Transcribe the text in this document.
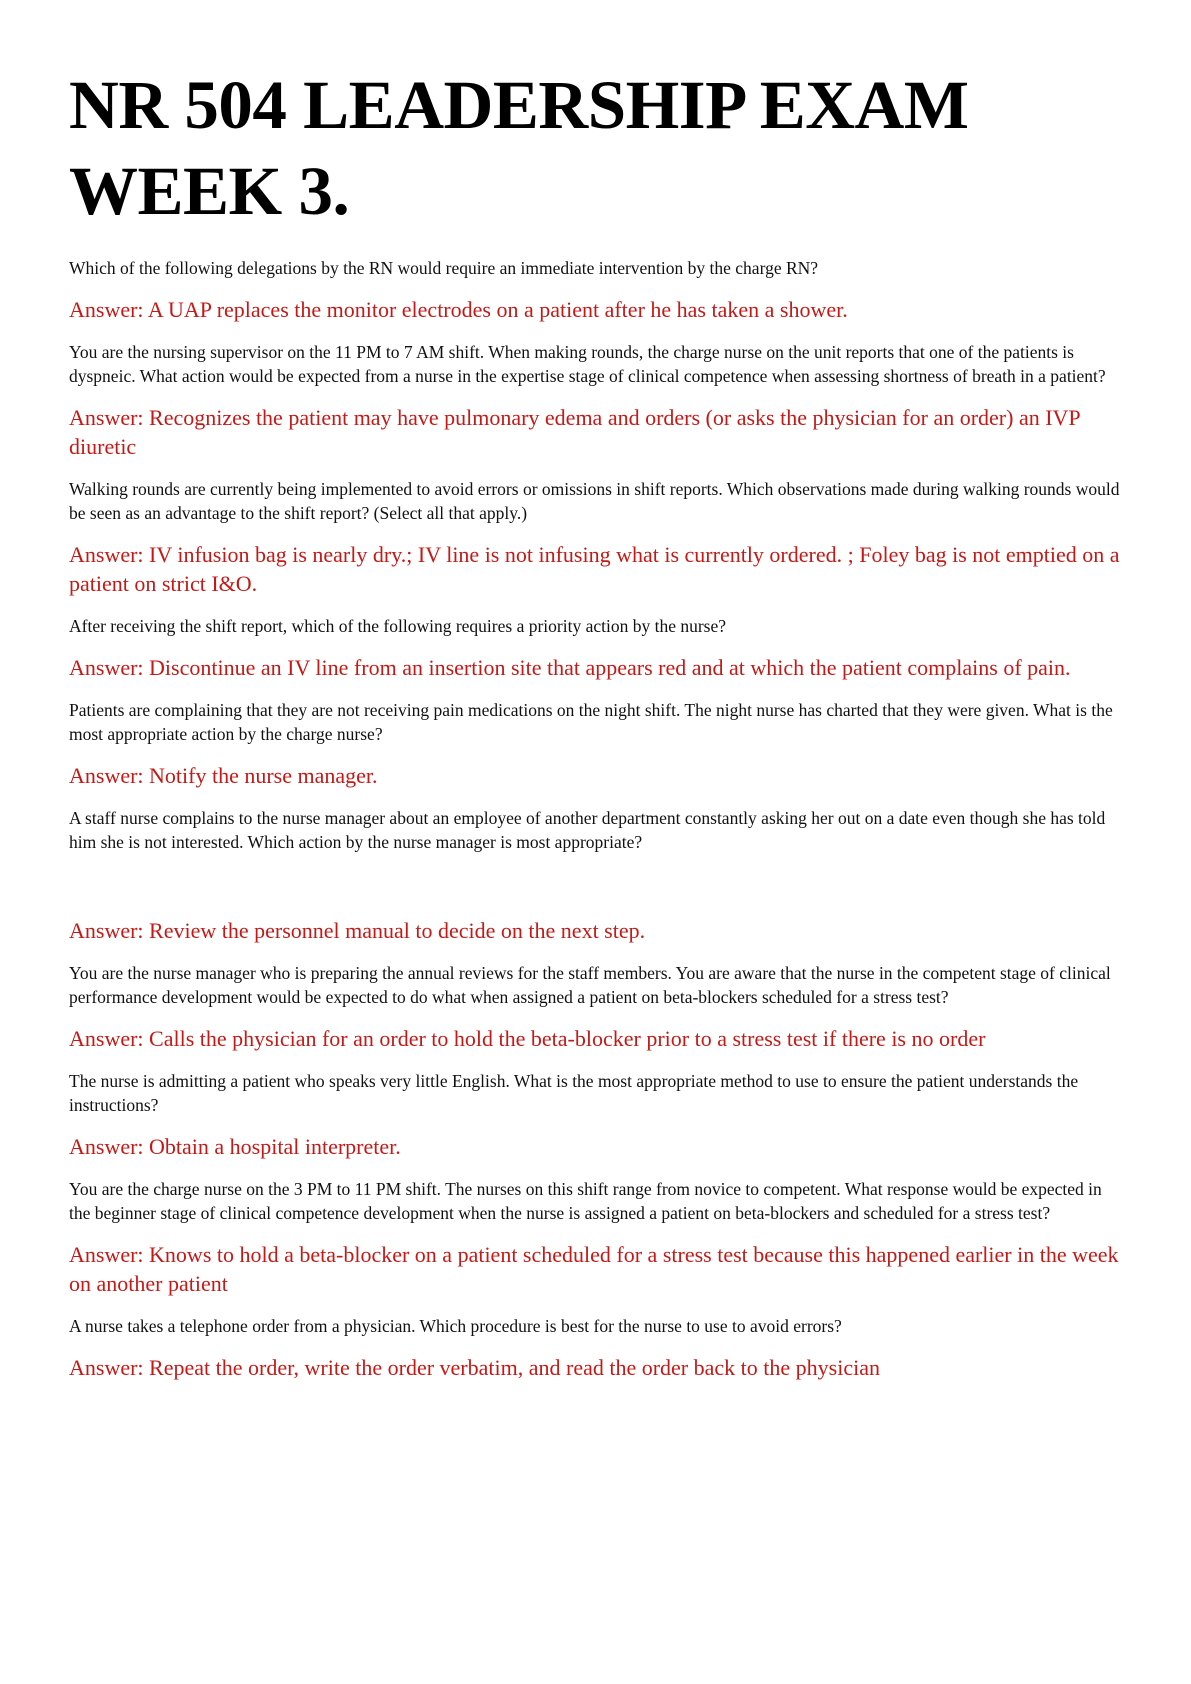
NR 504 LEADERSHIP EXAM WEEK 3.

Which of the following delegations by the RN would require an immediate intervention by the charge RN?

Answer: A UAP replaces the monitor electrodes on a patient after he has taken a shower.

You are the nursing supervisor on the 11 PM to 7 AM shift. When making rounds, the charge nurse on the unit reports that one of the patients is dyspneic. What action would be expected from a nurse in the expertise stage of clinical competence when assessing shortness of breath in a patient?

Answer: Recognizes the patient may have pulmonary edema and orders (or asks the physician for an order) an IVP diuretic

Walking rounds are currently being implemented to avoid errors or omissions in shift reports. Which observations made during walking rounds would be seen as an advantage to the shift report? (Select all that apply.)

Answer: IV infusion bag is nearly dry.; IV line is not infusing what is currently ordered. ; Foley bag is not emptied on a patient on strict I&O.

After receiving the shift report, which of the following requires a priority action by the nurse?

Answer: Discontinue an IV line from an insertion site that appears red and at which the patient complains of pain.

Patients are complaining that they are not receiving pain medications on the night shift. The night nurse has charted that they were given. What is the most appropriate action by the charge nurse?

Answer: Notify the nurse manager.

A staff nurse complains to the nurse manager about an employee of another department constantly asking her out on a date even though she has told him she is not interested. Which action by the nurse manager is most appropriate?

Answer: Review the personnel manual to decide on the next step.

You are the nurse manager who is preparing the annual reviews for the staff members. You are aware that the nurse in the competent stage of clinical performance development would be expected to do what when assigned a patient on beta-blockers scheduled for a stress test?

Answer: Calls the physician for an order to hold the beta-blocker prior to a stress test if there is no order

The nurse is admitting a patient who speaks very little English. What is the most appropriate method to use to ensure the patient understands the instructions?

Answer: Obtain a hospital interpreter.

You are the charge nurse on the 3 PM to 11 PM shift. The nurses on this shift range from novice to competent. What response would be expected in the beginner stage of clinical competence development when the nurse is assigned a patient on beta-blockers and scheduled for a stress test?

Answer: Knows to hold a beta-blocker on a patient scheduled for a stress test because this happened earlier in the week on another patient

A nurse takes a telephone order from a physician. Which procedure is best for the nurse to use to avoid errors?

Answer: Repeat the order, write the order verbatim, and read the order back to the physician
